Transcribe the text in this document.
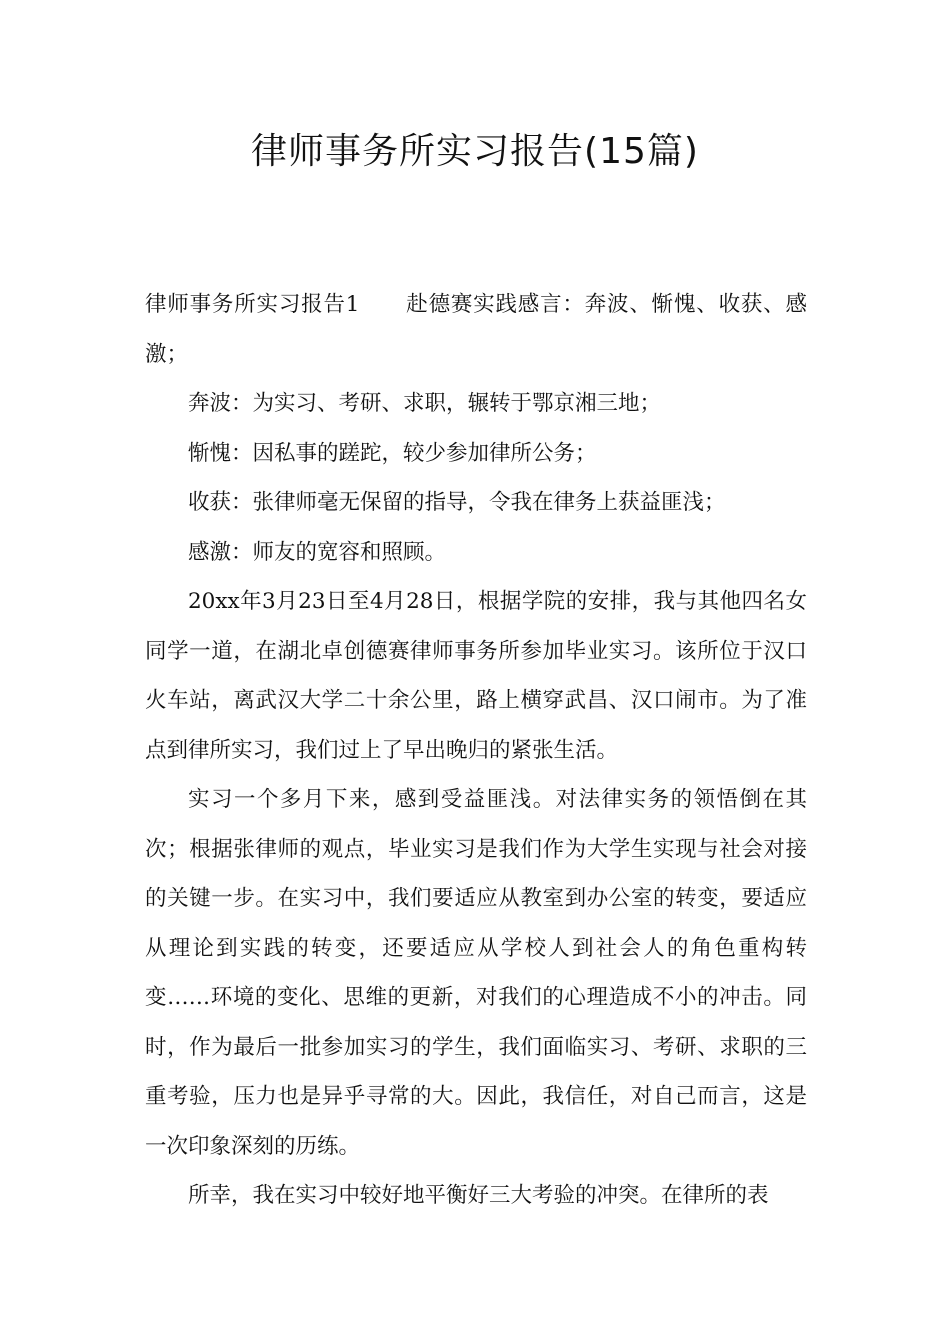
律师事务所实习报告(15篇)

律师事务所实习报告1 赴德赛实践感言：奔波、惭愧、收获、感激；

奔波：为实习、考研、求职，辗转于鄂京湘三地；

惭愧：因私事的蹉跎，较少参加律所公务；

收获：张律师毫无保留的指导，令我在律务上获益匪浅；

感激：师友的宽容和照顾。

20xx年3月23日至4月28日，根据学院的安排，我与其他四名女同学一道，在湖北卓创德赛律师事务所参加毕业实习。该所位于汉口火车站，离武汉大学二十余公里，路上横穿武昌、汉口闹市。为了准点到律所实习，我们过上了早出晚归的紧张生活。

实习一个多月下来，感到受益匪浅。对法律实务的领悟倒在其次；根据张律师的观点，毕业实习是我们作为大学生实现与社会对接的关键一步。在实习中，我们要适应从教室到办公室的转变，要适应从理论到实践的转变，还要适应从学校人到社会人的角色重构转变……环境的变化、思维的更新，对我们的心理造成不小的冲击。同时，作为最后一批参加实习的学生，我们面临实习、考研、求职的三重考验，压力也是异乎寻常的大。因此，我信任，对自己而言，这是一次印象深刻的历练。

所幸，我在实习中较好地平衡好三大考验的冲突。在律所的表
